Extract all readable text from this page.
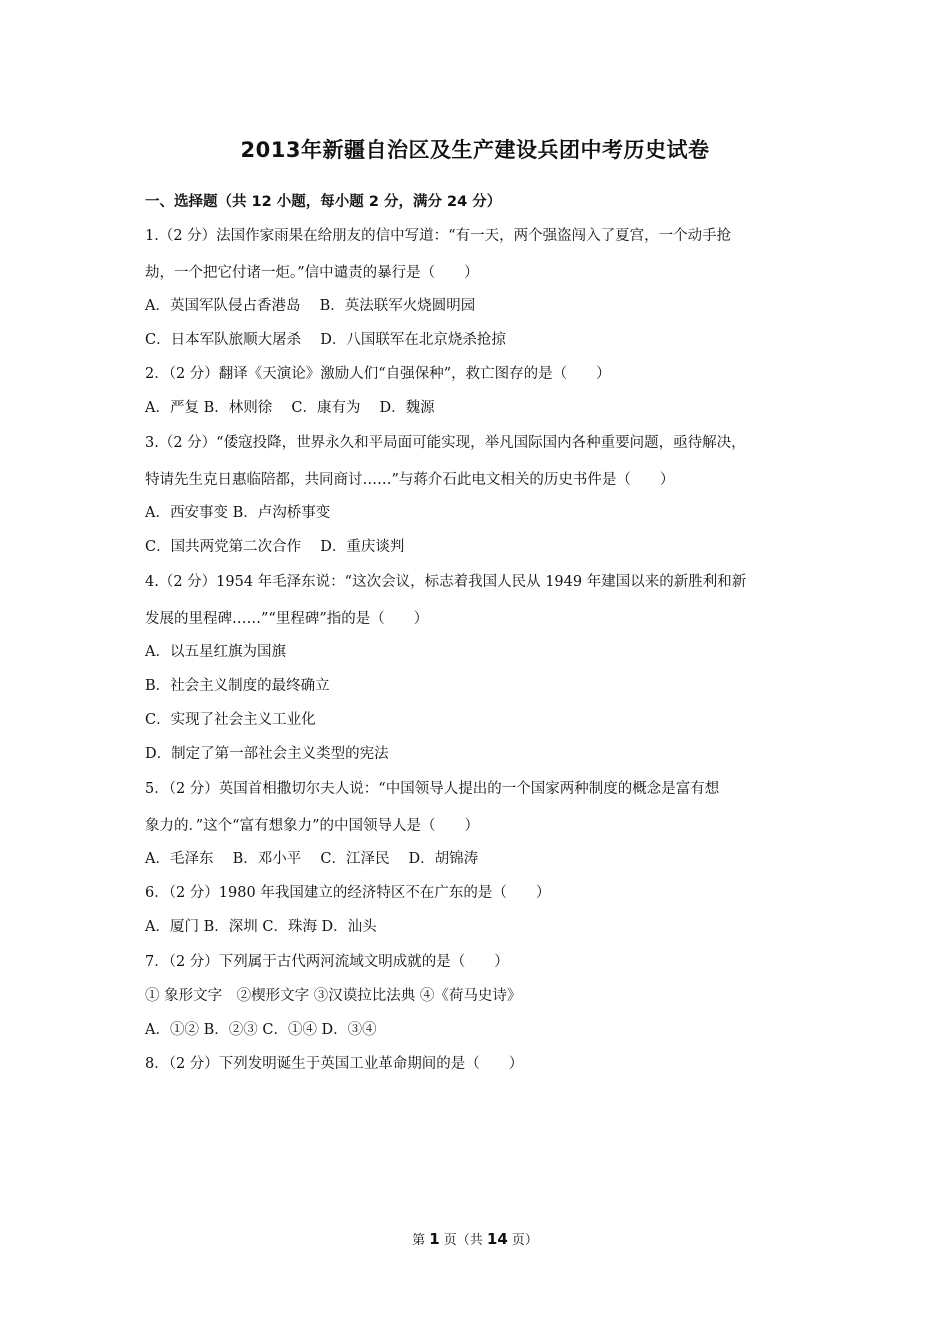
2013年新疆自治区及生产建设兵团中考历史试卷
一、选择题（共 12 小题，每小题 2 分，满分 24 分）
1.（2 分）法国作家雨果在给朋友的信中写道：“有一天，两个强盗闯入了夏宫，一个动手抢
劫，一个把它付诸一炬。”信中谴责的暴行是（　　）
A．英国军队侵占香港岛　 B．英法联军火烧圆明园
C．日本军队旅顺大屠杀　 D．八国联军在北京烧杀抢掠
2．（2 分）翻译《天演论》激励人们“自强保种”，救亡图存的是（　　）
A．严复 B．林则徐　 C．康有为　 D．魏源
3.（2 分）“倭寇投降，世界永久和平局面可能实现，举凡国际国内各种重要问题，亟待解决，
特请先生克日惠临陪都，共同商讨……”与蒋介石此电文相关的历史书件是（　　）
A．西安事变 B．卢沟桥事变
C．国共两党第二次合作　 D．重庆谈判
4.（2 分）1954 年毛泽东说：“这次会议，标志着我国人民从 1949 年建国以来的新胜利和新
发展的里程碑……”“里程碑”指的是（　　）
A．以五星红旗为国旗
B．社会主义制度的最终确立
C．实现了社会主义工业化
D．制定了第一部社会主义类型的宪法
5．（2 分）英国首相撒切尔夫人说：“中国领导人提出的一个国家两种制度的概念是富有想
象力的．”这个“富有想象力”的中国领导人是（　　）
A．毛泽东　 B．邓小平　 C．江泽民　 D．胡锦涛
6．（2 分）1980 年我国建立的经济特区不在广东的是（　　）
A．厦门 B．深圳 C．珠海 D．汕头
7．（2 分）下列属于古代两河流域文明成就的是（　　）
① 象形文字　②楔形文字 ③汉谟拉比法典 ④《荷马史诗》
A．①② B．②③ C．①④ D．③④
8．（2 分）下列发明诞生于英国工业革命期间的是（　　）
第 1 页（共 14 页）
